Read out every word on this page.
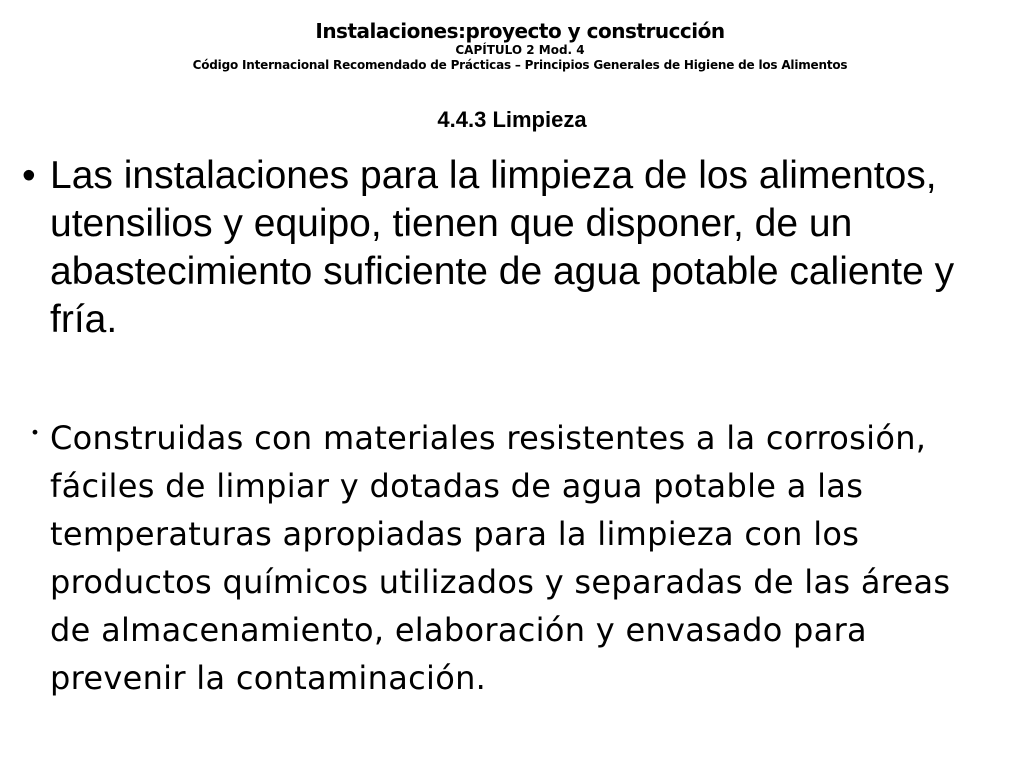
Instalaciones:proyecto y construcción
CAPÍTULO 2 Mod. 4
Código Internacional Recomendado de Prácticas – Principios Generales de Higiene de los Alimentos
4.4.3 Limpieza
• Las instalaciones para la limpieza de los alimentos, utensilios y equipo, tienen que disponer, de un abastecimiento suficiente de agua potable caliente y fría.
・ Construidas con materiales resistentes a la corrosión, fáciles de limpiar y dotadas de agua potable a las temperaturas apropiadas para la limpieza con los productos químicos utilizados y separadas de las áreas de almacenamiento, elaboración y envasado para prevenir la contaminación.
